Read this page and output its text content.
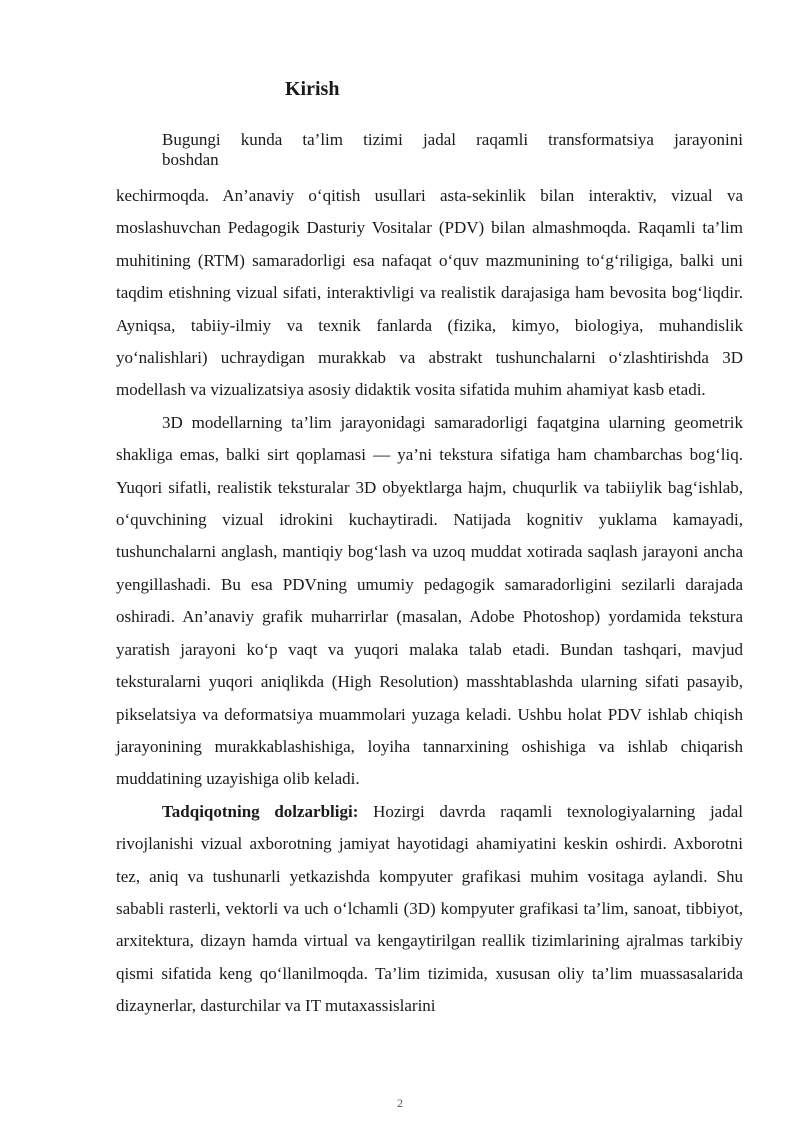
Kirish
Bugungi kunda ta’lim tizimi jadal raqamli transformatsiya jarayonini
boshdan

kechirmoqda. An’anaviy o‘qitish usullari asta-sekinlik bilan interaktiv, vizual va moslashuvchan Pedagogik Dasturiy Vositalar (PDV) bilan almashmoqda. Raqamli ta’lim muhitining (RTM) samaradorligi esa nafaqat o‘quv mazmunining to‘g‘riligiga, balki uni taqdim etishning vizual sifati, interaktivligi va realistik darajasiga ham bevosita bog‘liqdir. Ayniqsa, tabiiy-ilmiy va texnik fanlarda (fizika, kimyo, biologiya, muhandislik yo‘nalishlari) uchraydigan murakkab va abstrakt tushunchalarni o‘zlashtirishda 3D modellash va vizualizatsiya asosiy didaktik vosita sifatida muhim ahamiyat kasb etadi.

3D modellarning ta’lim jarayonidagi samaradorligi faqatgina ularning geometrik shakliga emas, balki sirt qoplamasi — ya’ni tekstura sifatiga ham chambarchas bog‘liq. Yuqori sifatli, realistik teksturalar 3D obyektlarga hajm, chuqurlik va tabiiylik bag‘ishlab, o‘quvchining vizual idrokini kuchaytiradi. Natijada kognitiv yuklama kamayadi, tushunchalarni anglash, mantiqiy bog‘lash va uzoq muddat xotirada saqlash jarayoni ancha yengillashadi. Bu esa PDVning umumiy pedagogik samaradorligini sezilarli darajada oshiradi. An’anaviy grafik muharrirlar (masalan, Adobe Photoshop) yordamida tekstura yaratish jarayoni ko‘p vaqt va yuqori malaka talab etadi. Bundan tashqari, mavjud teksturalarni yuqori aniqlikda (High Resolution) masshtablashda ularning sifati pasayib, pikselatsiya va deformatsiya muammolari yuzaga keladi. Ushbu holat PDV ishlab chiqish jarayonining murakkablashishiga, loyiha tannarxining oshishiga va ishlab chiqarish muddatining uzayishiga olib keladi.

Tadqiqotning dolzarbligi: Hozirgi davrda raqamli texnologiyalarning jadal rivojlanishi vizual axborotning jamiyat hayotidagi ahamiyatini keskin oshirdi. Axborotni tez, aniq va tushunarli yetkazishda kompyuter grafikasi muhim vositaga aylandi. Shu sababli rasterli, vektorli va uch o‘lchamli (3D) kompyuter grafikasi ta’lim, sanoat, tibbiyot, arxitektura, dizayn hamda virtual va kengaytirilgan reallik tizimlarining ajralmas tarkibiy qismi sifatida keng qo‘llanilmoqda. Ta’lim tizimida, xususan oliy ta’lim muassasalarida dizaynerlar, dasturchilar va IT mutaxassislarini

2
